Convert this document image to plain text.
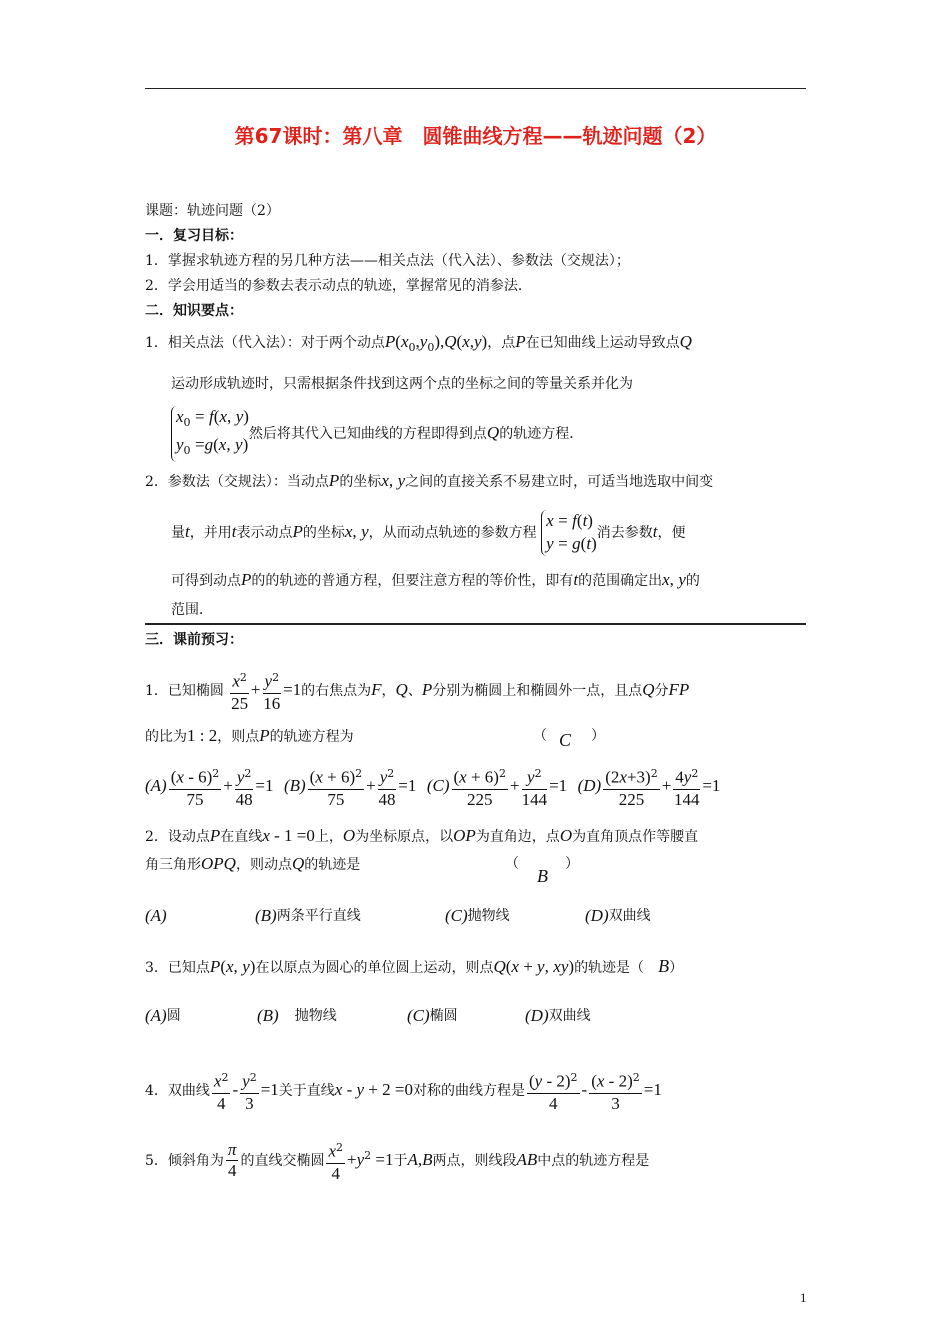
第67课时：第八章　圆锥曲线方程——轨迹问题（2）
课题：轨迹问题（2）
一．复习目标：
1．掌握求轨迹方程的另几种方法——相关点法（代入法）、参数法（交规法）；
2．学会用适当的参数去表示动点的轨迹，掌握常见的消参法．
二．知识要点：
1．相关点法（代入法）：对于两个动点$P(x_0,y_0),Q(x,y)$，点P在已知曲线上运动导致点Q
运动形成轨迹时，只需根据条件找到这两个点的坐标之间的等量关系并化为
$x_0 = f(x$, y)
$y_0 =g(x$, y)
然后将其代入已知曲线的方程即得到点Q的轨迹方程．
2．参数法（交规法）：当动点P的坐标x, y之间的直接关系不易建立时，可适当地选取中间变
量t，并用t表示动点P的坐标x, y，从而动点轨迹的参数方程
x = f(t)
y = g(t)
消去参数t，便
可得到动点P的的轨迹的普通方程，但要注意方程的等价性，即有t的范围确定出x, y的
范围．
三．课前预习：
1．已知椭圆 $\frac{x^2}{25} + \frac{y^2}{16} =1$的右焦点为F，Q、P分别为椭圆上和椭圆外一点，且点Q分FP
的比为1 : 2，则点P的轨迹方程为	（ C ）
$(A) \frac{(x - 6)^2}{75} + \frac{y^2}{48} =1$ $(B) \frac{(x + 6)^2}{75} + \frac{y^2}{48} =1$ $(C) \frac{(x + 6)^2}{225} + \frac{y^2}{144} =1$ $(D) \frac{(2x+3)^2}{225} + \frac{4y^2}{144} =1$
2．设动点P在直线x - 1 =0上，O为坐标原点，以OP为直角边，点O为直角顶点作等腰直
角三角形OPQ，则动点Q的轨迹是	（
B
）
(A)	(B)两条平行直线	(C)抛物线	(D)双曲线
3．已知点P(x, y)在以原点为圆心的单位圆上运动，则点Q(x + y, xy)的轨迹是（ B）
(A)圆	(B) 抛物线	(C)椭圆	(D)双曲线
4．双曲线 $\frac{x^2}{4} - \frac{y^2}{3} =1$关于直线x - y + 2 =0对称的曲线方程是 $\frac{(y - 2)^2}{4} - \frac{(x - 2)^2}{3} =1$
5．倾斜角为 $\frac{\pi}{4}$ 的直线交椭圆 $\frac{x^2}{4} +y^2 =1$于A,B两点，则线段AB中点的轨迹方程是
1
